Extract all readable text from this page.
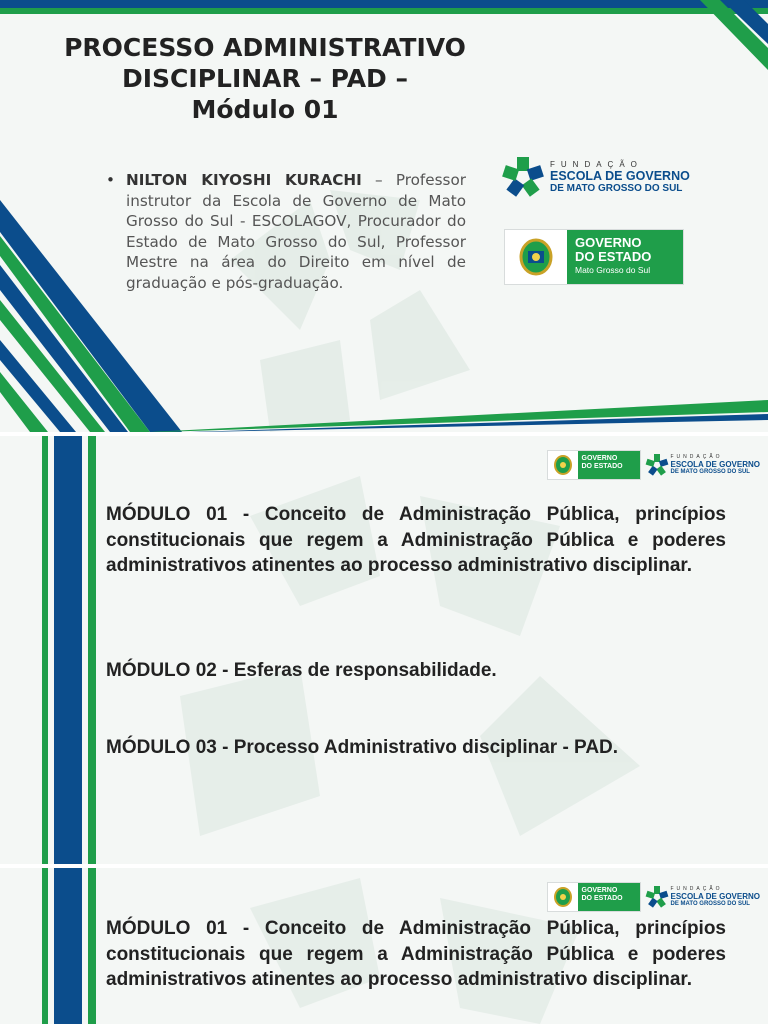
PROCESSO ADMINISTRATIVO
DISCIPLINAR – PAD –
Módulo 01
• NILTON KIYOSHI KURACHI – Professor instrutor da Escola de Governo de Mato Grosso do Sul - ESCOLAGOV, Procurador do Estado de Mato Grosso do Sul, Professor Mestre na área do Direito em nível de graduação e pós-graduação.
FUNDAÇÃO
ESCOLA DE GOVERNO
DE MATO GROSSO DO SUL
GOVERNO
DO ESTADO
Mato Grosso do Sul
GOVERNO
DO ESTADO
FUNDAÇÃO
ESCOLA DE GOVERNO
DE MATO GROSSO DO SUL
MÓDULO 01 - Conceito de Administração Pública, princípios constitucionais que regem a Administração Pública e poderes administrativos atinentes ao processo administrativo disciplinar.
MÓDULO 02 - Esferas de responsabilidade.
MÓDULO 03 - Processo Administrativo disciplinar - PAD.
GOVERNO
DO ESTADO
FUNDAÇÃO
ESCOLA DE GOVERNO
DE MATO GROSSO DO SUL
MÓDULO 01 - Conceito de Administração Pública, princípios constitucionais que regem a Administração Pública e poderes administrativos atinentes ao processo administrativo disciplinar.
